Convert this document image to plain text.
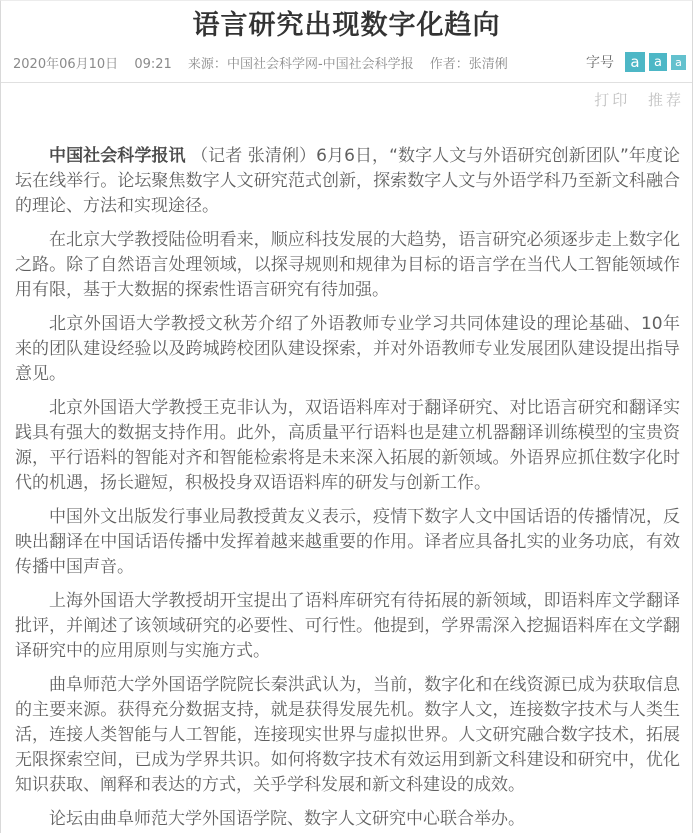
语言研究出现数字化趋向
2020年06月10日 09:21 来源：中国社会科学网-中国社会科学报 作者：张清俐	字号	a	a	a
打印 推荐

中国社会科学报讯 （记者 张清俐）6月6日，“数字人文与外语研究创新团队”年度论坛在线举行。论坛聚焦数字人文研究范式创新，探索数字人文与外语学科乃至新文科融合的理论、方法和实现途径。

在北京大学教授陆俭明看来，顺应科技发展的大趋势，语言研究必须逐步走上数字化之路。除了自然语言处理领域，以探寻规则和规律为目标的语言学在当代人工智能领域作用有限，基于大数据的探索性语言研究有待加强。

北京外国语大学教授文秋芳介绍了外语教师专业学习共同体建设的理论基础、10年来的团队建设经验以及跨城跨校团队建设探索，并对外语教师专业发展团队建设提出指导意见。

北京外国语大学教授王克非认为，双语语料库对于翻译研究、对比语言研究和翻译实践具有强大的数据支持作用。此外，高质量平行语料也是建立机器翻译训练模型的宝贵资源，平行语料的智能对齐和智能检索将是未来深入拓展的新领域。外语界应抓住数字化时代的机遇，扬长避短，积极投身双语语料库的研发与创新工作。

中国外文出版发行事业局教授黄友义表示，疫情下数字人文中国话语的传播情况，反映出翻译在中国话语传播中发挥着越来越重要的作用。译者应具备扎实的业务功底，有效传播中国声音。

上海外国语大学教授胡开宝提出了语料库研究有待拓展的新领域，即语料库文学翻译批评，并阐述了该领域研究的必要性、可行性。他提到，学界需深入挖掘语料库在文学翻译研究中的应用原则与实施方式。

曲阜师范大学外国语学院院长秦洪武认为，当前，数字化和在线资源已成为获取信息的主要来源。获得充分数据支持，就是获得发展先机。数字人文，连接数字技术与人类生活，连接人类智能与人工智能，连接现实世界与虚拟世界。人文研究融合数字技术，拓展无限探索空间，已成为学界共识。如何将数字技术有效运用到新文科建设和研究中，优化知识获取、阐释和表达的方式，关乎学科发展和新文科建设的成效。

论坛由曲阜师范大学外国语学院、数字人文研究中心联合举办。
